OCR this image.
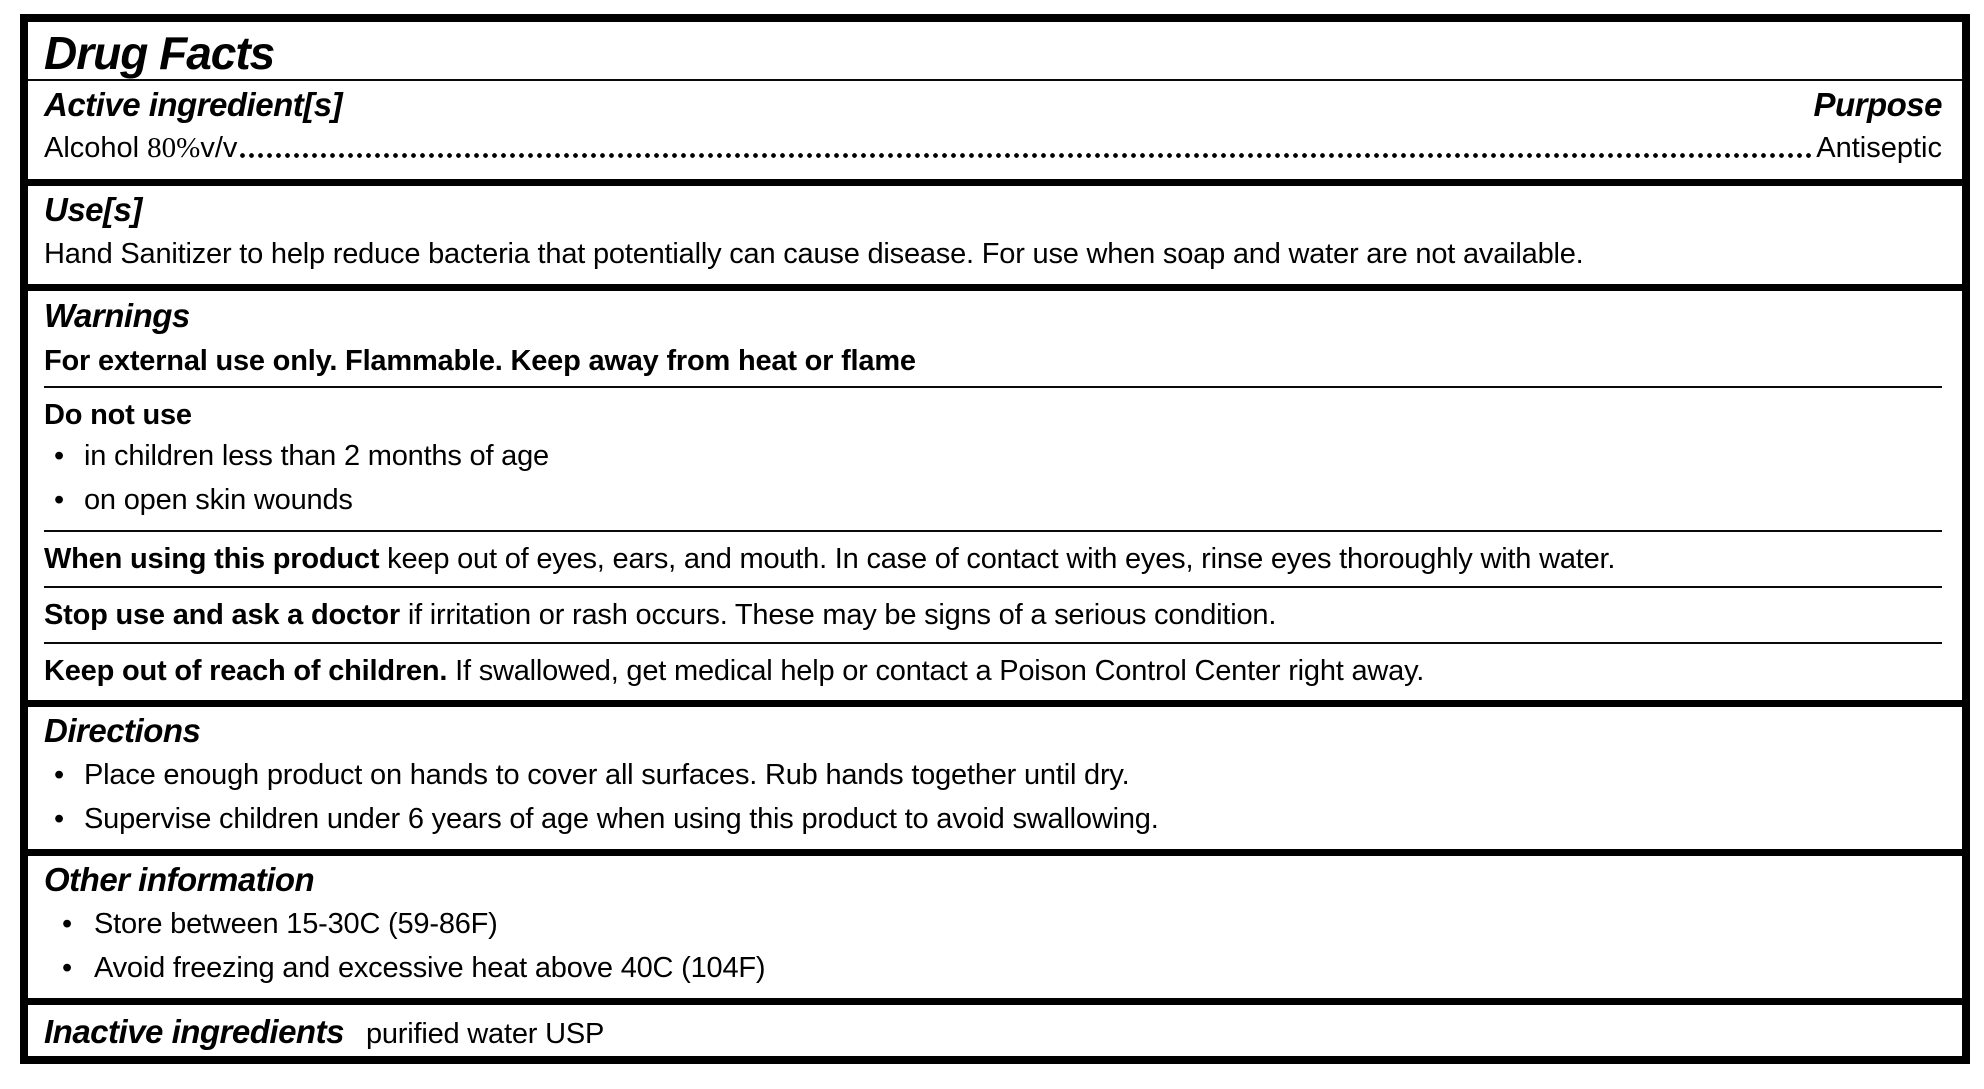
Drug Facts
Active ingredient[s]	Purpose
Alcohol 80%v/v	Antiseptic
Use[s]
Hand Sanitizer to help reduce bacteria that potentially can cause disease. For use when soap and water are not available.
Warnings
For external use only. Flammable. Keep away from heat or flame
Do not use
• in children less than 2 months of age
• on open skin wounds
When using this product keep out of eyes, ears, and mouth. In case of contact with eyes, rinse eyes thoroughly with water.
Stop use and ask a doctor if irritation or rash occurs. These may be signs of a serious condition.
Keep out of reach of children. If swallowed, get medical help or contact a Poison Control Center right away.
Directions
• Place enough product on hands to cover all surfaces. Rub hands together until dry.
• Supervise children under 6 years of age when using this product to avoid swallowing.
Other information
• Store between 15-30C (59-86F)
• Avoid freezing and excessive heat above 40C (104F)
Inactive ingredients purified water USP
